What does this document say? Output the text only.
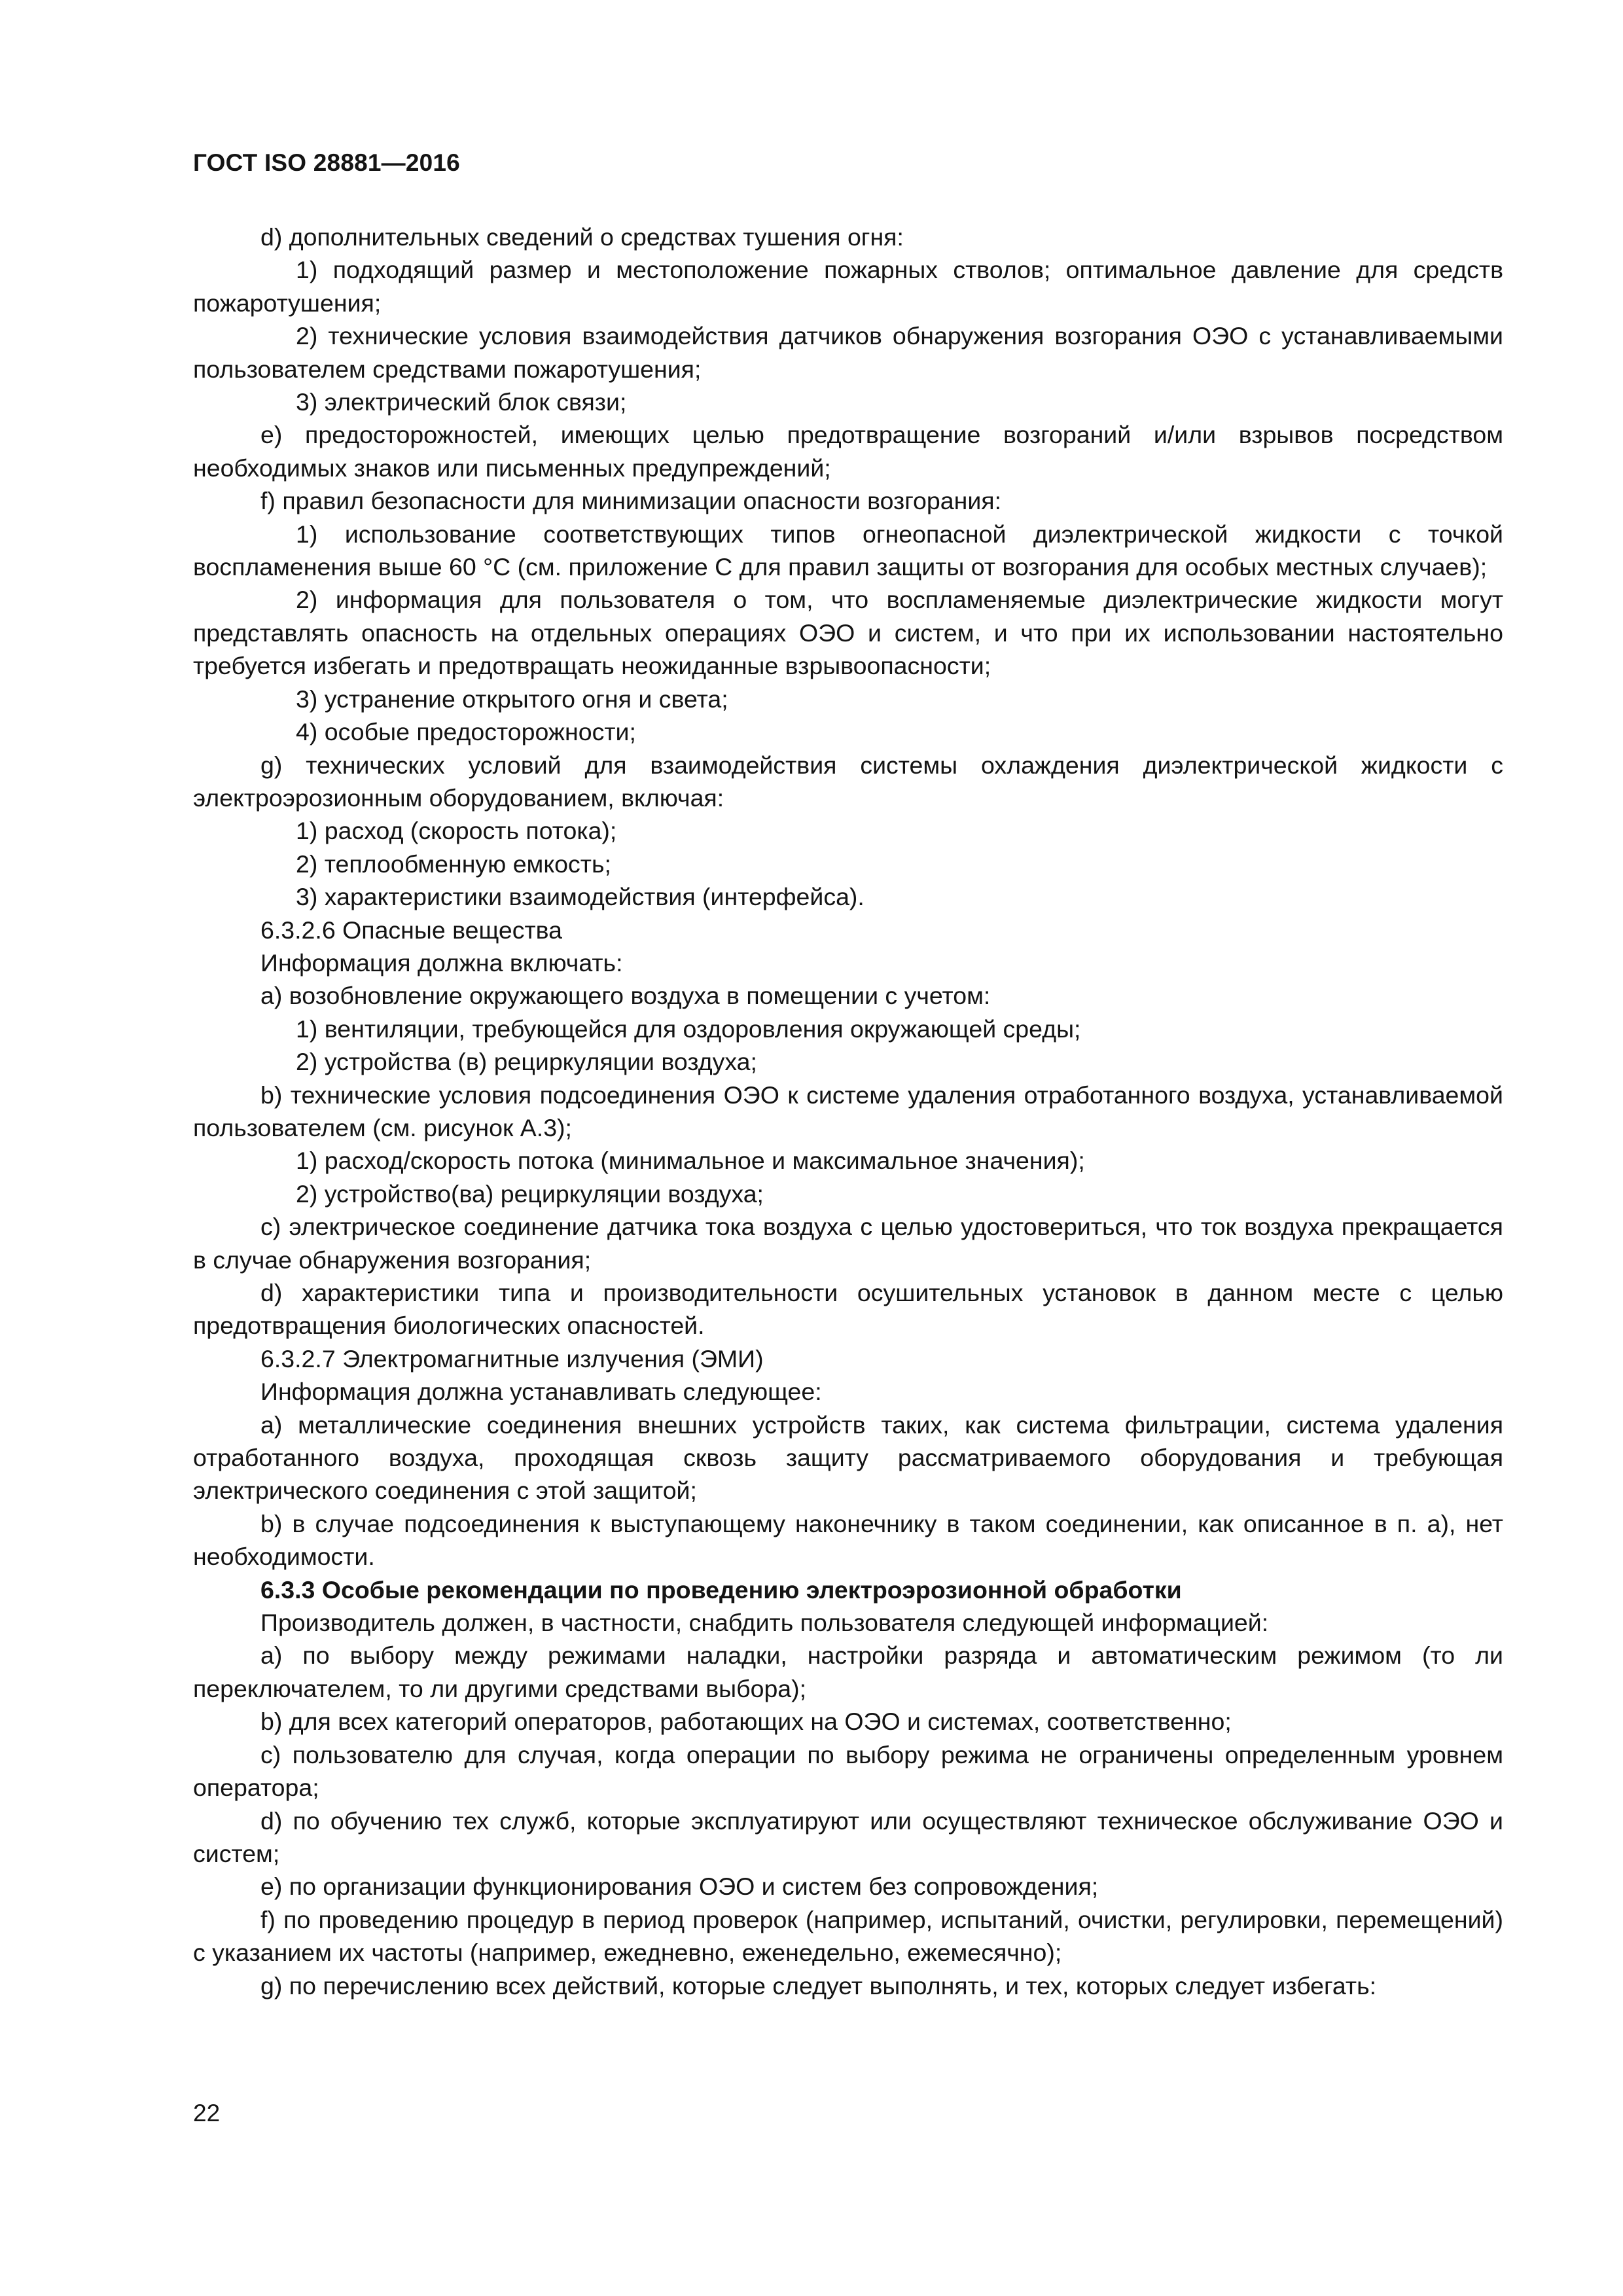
ГОСТ ISO 28881—2016

d) дополнительных сведений о средствах тушения огня:

1) подходящий размер и местоположение пожарных стволов; оптимальное давление для средств пожаротушения;

2) технические условия взаимодействия датчиков обнаружения возгорания ОЭО с устанавливаемыми пользователем средствами пожаротушения;

3) электрический блок связи;

e) предосторожностей, имеющих целью предотвращение возгораний и/или взрывов посредством необходимых знаков или письменных предупреждений;

f) правил безопасности для минимизации опасности возгорания:

1) использование соответствующих типов огнеопасной диэлектрической жидкости с точкой воспламенения выше 60 °С (см. приложение С для правил защиты от возгорания для особых местных случаев);

2) информация для пользователя о том, что воспламеняемые диэлектрические жидкости могут представлять опасность на отдельных операциях ОЭО и систем, и что при их использовании настоятельно требуется избегать и предотвращать неожиданные взрывоопасности;

3) устранение открытого огня и света;

4) особые предосторожности;

g) технических условий для взаимодействия системы охлаждения диэлектрической жидкости с электроэрозионным оборудованием, включая:

1) расход (скорость потока);

2) теплообменную емкость;

3) характеристики взаимодействия (интерфейса).

6.3.2.6 Опасные вещества

Информация должна включать:

a) возобновление окружающего воздуха в помещении с учетом:

1) вентиляции, требующейся для оздоровления окружающей среды;

2) устройства (в) рециркуляции воздуха;

b) технические условия подсоединения ОЭО к системе удаления отработанного воздуха, устанавливаемой пользователем (см. рисунок А.3);

1) расход/скорость потока (минимальное и максимальное значения);

2) устройство(ва) рециркуляции воздуха;

c) электрическое соединение датчика тока воздуха с целью удостовериться, что ток воздуха прекращается в случае обнаружения возгорания;

d) характеристики типа и производительности осушительных установок в данном месте с целью предотвращения биологических опасностей.

6.3.2.7 Электромагнитные излучения (ЭМИ)

Информация должна устанавливать следующее:

a) металлические соединения внешних устройств таких, как система фильтрации, система удаления отработанного воздуха, проходящая сквозь защиту рассматриваемого оборудования и требующая электрического соединения с этой защитой;

b) в случае подсоединения к выступающему наконечнику в таком соединении, как описанное в п. а), нет необходимости.

6.3.3 Особые рекомендации по проведению электроэрозионной обработки

Производитель должен, в частности, снабдить пользователя следующей информацией:

a) по выбору между режимами наладки, настройки разряда и автоматическим режимом (то ли переключателем, то ли другими средствами выбора);

b) для всех категорий операторов, работающих на ОЭО и системах, соответственно;

c) пользователю для случая, когда операции по выбору режима не ограничены определенным уровнем оператора;

d) по обучению тех служб, которые эксплуатируют или осуществляют техническое обслуживание ОЭО и систем;

e) по организации функционирования ОЭО и систем без сопровождения;

f) по проведению процедур в период проверок (например, испытаний, очистки, регулировки, перемещений) с указанием их частоты (например, ежедневно, еженедельно, ежемесячно);

g) по перечислению всех действий, которые следует выполнять, и тех, которых следует избегать:

22
